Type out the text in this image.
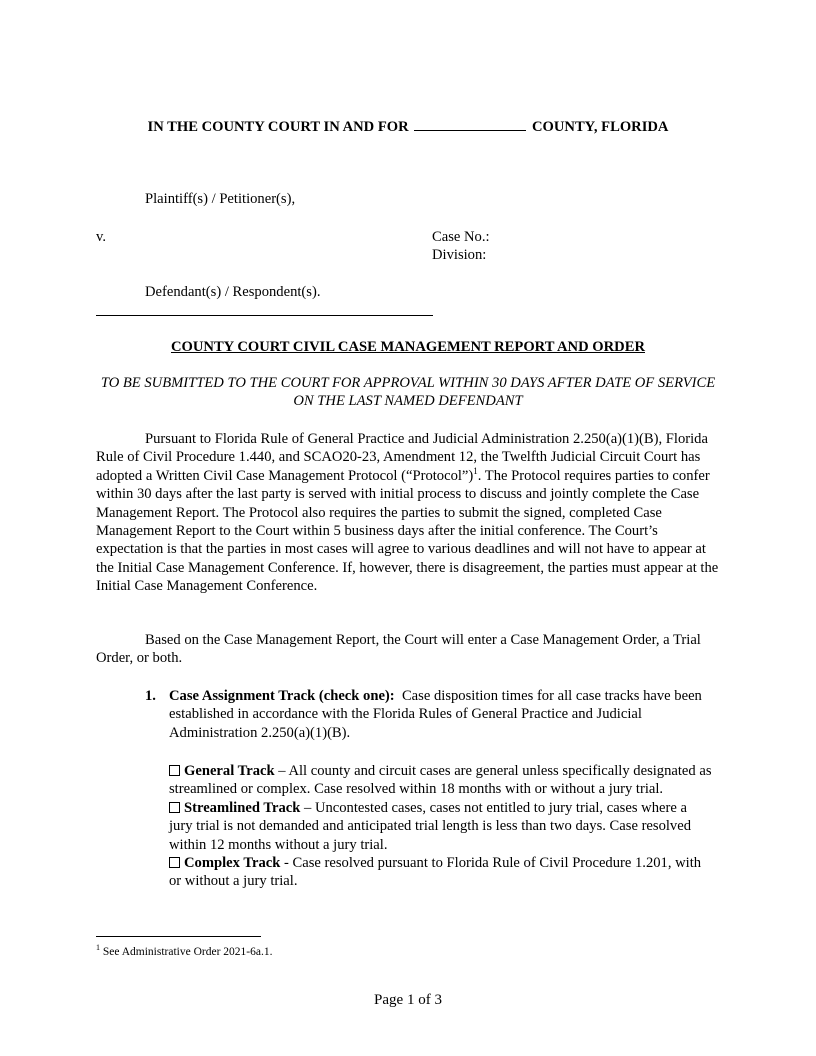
IN THE COUNTY COURT IN AND FOR	COUNTY, FLORIDA
Plaintiff(s) / Petitioner(s),
v.	Case No.:
Division:
Defendant(s) / Respondent(s).
COUNTY COURT CIVIL CASE MANAGEMENT REPORT AND ORDER
TO BE SUBMITTED TO THE COURT FOR APPROVAL WITHIN 30 DAYS AFTER DATE OF SERVICE ON THE LAST NAMED DEFENDANT
Pursuant to Florida Rule of General Practice and Judicial Administration 2.250(a)(1)(B), Florida Rule of Civil Procedure 1.440, and SCAO20-23, Amendment 12, the Twelfth Judicial Circuit Court has adopted a Written Civil Case Management Protocol (“Protocol”)$^1$. The Protocol requires parties to confer within 30 days after the last party is served with initial process to discuss and jointly complete the Case Management Report. The Protocol also requires the parties to submit the signed, completed Case Management Report to the Court within 5 business days after the initial conference. The Court’s expectation is that the parties in most cases will agree to various deadlines and will not have to appear at the Initial Case Management Conference. If, however, there is disagreement, the parties must appear at the Initial Case Management Conference.
Based on the Case Management Report, the Court will enter a Case Management Order, a Trial Order, or both.
1. Case Assignment Track (check one): Case disposition times for all case tracks have been established in accordance with the Florida Rules of General Practice and Judicial Administration 2.250(a)(1)(B).

General Track – All county and circuit cases are general unless specifically designated as streamlined or complex. Case resolved within 18 months with or without a jury trial.

Streamlined Track – Uncontested cases, cases not entitled to jury trial, cases where a jury trial is not demanded and anticipated trial length is less than two days. Case resolved within 12 months without a jury trial.

Complex Track - Case resolved pursuant to Florida Rule of Civil Procedure 1.201, with or without a jury trial.

$^1$ See Administrative Order 2021-6a.1.
Page 1 of 3
